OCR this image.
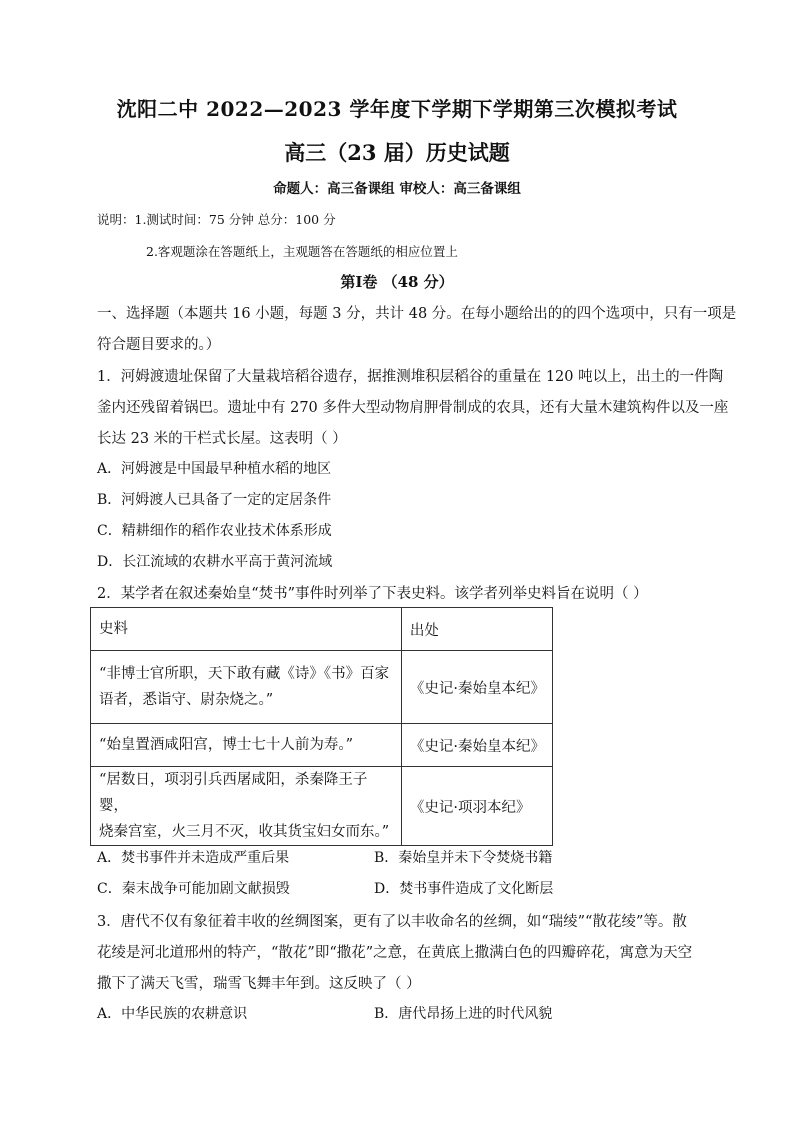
沈阳二中 2022—2023 学年度下学期下学期第三次模拟考试
高三（23 届）历史试题
命题人：高三备课组 审校人：高三备课组
说明：1.测试时间：75 分钟 总分：100 分
2.客观题涂在答题纸上，主观题答在答题纸的相应位置上
第Ⅰ卷 （48 分）
一、选择题（本题共 16 小题，每题 3 分，共计 48 分。在每小题给出的的四个选项中，只有一项是
符合题目要求的。）
1．河姆渡遗址保留了大量栽培稻谷遗存，据推测堆积层稻谷的重量在 120 吨以上，出土的一件陶
釜内还残留着锅巴。遗址中有 270 多件大型动物肩胛骨制成的农具，还有大量木建筑构件以及一座
长达 23 米的干栏式长屋。这表明（ ）
A．河姆渡是中国最早种植水稻的地区
B．河姆渡人已具备了一定的定居条件
C．精耕细作的稻作农业技术体系形成
D．长江流域的农耕水平高于黄河流域
2．某学者在叙述秦始皇“焚书”事件时列举了下表史料。该学者列举史料旨在说明（ ）
史料	出处

“非博士官所职，天下敢有藏《诗》《书》百家
语者，悉诣守、尉杂烧之。”	《史记·秦始皇本纪》

“始皇置酒咸阳宫，博士七十人前为寿。”	《史记·秦始皇本纪》

“居数日，项羽引兵西屠咸阳，杀秦降王子婴，
烧秦宫室，火三月不灭，收其货宝妇女而东。”	《史记·项羽本纪》
A．焚书事件并未造成严重后果	B．秦始皇并未下令焚烧书籍
C．秦末战争可能加剧文献损毁	D．焚书事件造成了文化断层
3．唐代不仅有象征着丰收的丝绸图案，更有了以丰收命名的丝绸，如“瑞绫”“散花绫”等。散
花绫是河北道邢州的特产，“散花”即“撒花”之意，在黄底上撒满白色的四瓣碎花，寓意为天空
撒下了满天飞雪，瑞雪飞舞丰年到。这反映了（ ）
A．中华民族的农耕意识	B．唐代昂扬上进的时代风貌
